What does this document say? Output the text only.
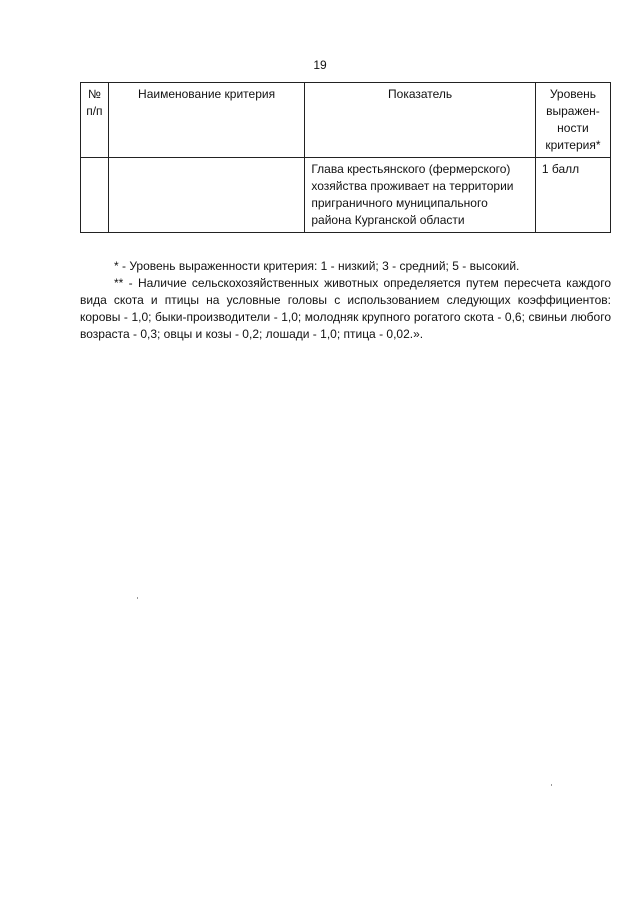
19
№ п/п	Наименование критерия	Показатель	Уровень выражен-ности критерия*
		Глава крестьянского (фермерского) хозяйства проживает на территории приграничного муниципального района Курганской области	1 балл

* - Уровень выраженности критерия: 1 - низкий; 3 - средний; 5 - высокий.

** - Наличие сельскохозяйственных животных определяется путем пересчета каждого вида скота и птицы на условные головы с использованием следующих коэффициентов: коровы - 1,0; быки-производители - 1,0; молодняк крупного рогатого скота - 0,6; свиньи любого возраста - 0,3; овцы и козы - 0,2; лошади - 1,0; птица - 0,02.».
